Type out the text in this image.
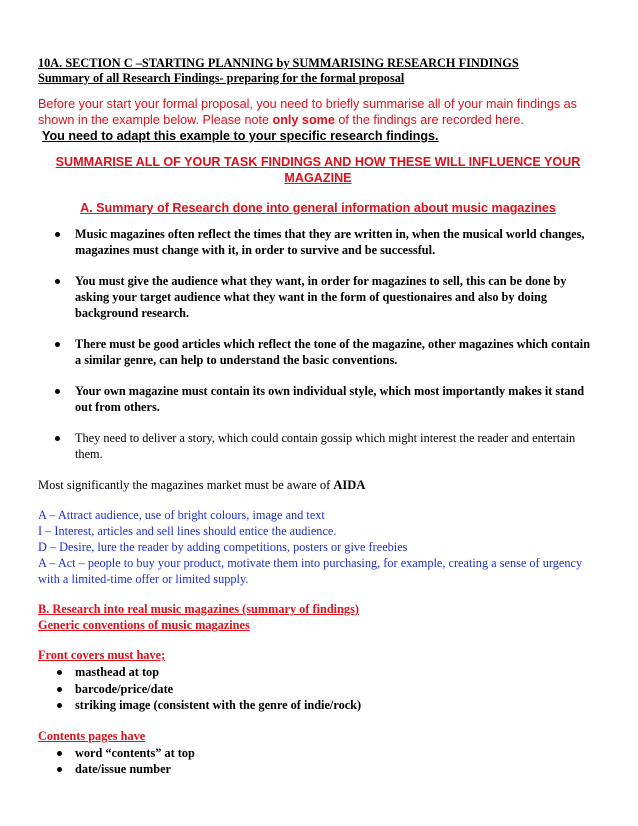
10A. SECTION C –STARTING PLANNING by SUMMARISING RESEARCH FINDINGS

Summary of all Research Findings- preparing for the formal proposal

Before your start your formal proposal, you need to briefly summarise all of your main findings as shown in the example below. Please note only some of the findings are recorded here.

You need to adapt this example to your specific research findings.

SUMMARISE ALL OF YOUR TASK FINDINGS AND HOW THESE WILL INFLUENCE YOUR MAGAZINE

A. Summary of Research done into general information about music magazines

Music magazines often reflect the times that they are written in, when the musical world changes, magazines must change with it, in order to survive and be successful.
You must give the audience what they want, in order for magazines to sell, this can be done by asking your target audience what they want in the form of questionaires and also by doing background research.
There must be good articles which reflect the tone of the magazine, other magazines which contain a similar genre, can help to understand the basic conventions.
Your own magazine must contain its own individual style, which most importantly makes it stand out from others.
They need to deliver a story, which could contain gossip which might interest the reader and entertain them.

Most significantly the magazines market must be aware of AIDA

A – Attract audience, use of bright colours, image and text
I – Interest, articles and sell lines should entice the audience.
D – Desire, lure the reader by adding competitions, posters or give freebies
A – Act – people to buy your product, motivate them into purchasing, for example, creating a sense of urgency with a limited-time offer or limited supply.

B. Research into real music magazines (summary of findings)
Generic conventions of music magazines

Front covers must have;

masthead at top
barcode/price/date
striking image (consistent with the genre of indie/rock)

Contents pages have

word “contents” at top
date/issue number
